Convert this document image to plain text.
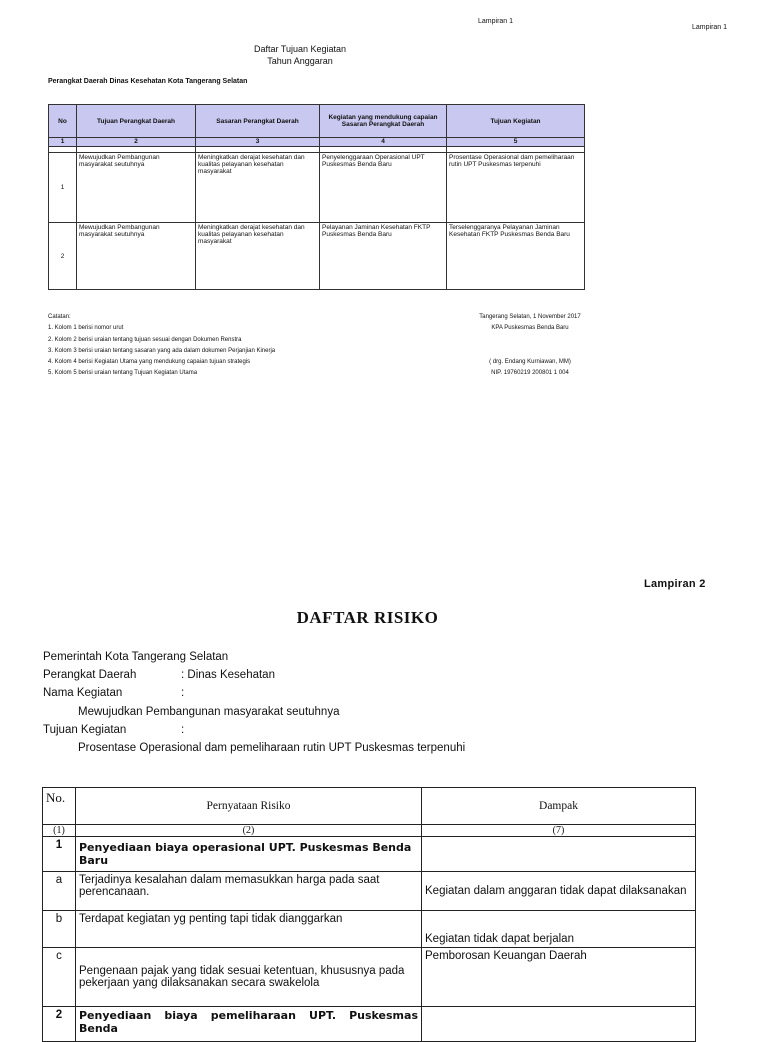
Lampiran 1
Lampiran 1
Daftar Tujuan Kegiatan
Tahun Anggaran
Perangkat Daerah Dinas Kesehatan Kota Tangerang Selatan
No	Tujuan Perangkat Daerah	Sasaran Perangkat Daerah	Kegiatan yang mendukung capaian Sasaran Perangkat Daerah	Tujuan Kegiatan
1	2	3	4	5

1	Mewujudkan Pembangunan masyarakat seutuhnya	Meningkatkan derajat kesehatan dan kualitas pelayanan kesehatan masyarakat	Penyelenggaraan Operasional UPT Puskesmas Benda Baru	Prosentase Operasional dam pemeliharaan rutin UPT Puskesmas terpenuhi
2	Mewujudkan Pembangunan masyarakat seutuhnya	Meningkatkan derajat kesehatan dan kualitas pelayanan kesehatan masyarakat	Pelayanan Jaminan Kesehatan FKTP Puskesmas Benda Baru	Terselenggaranya Pelayanan Jaminan Kesehatan FKTP Puskesmas Benda Baru
Catatan:
1. Kolom 1 berisi nomor urut
2. Kolom 2 berisi uraian tentang tujuan sesuai dengan Dokumen Renstra
3. Kolom 3 berisi uraian tentang sasaran yang ada dalam dokumen Perjanjian Kinerja
4. Kolom 4 berisi Kegiatan Utama yang mendukung capaian tujuan strategis
5. Kolom 5 berisi uraian tentang Tujuan Kegiatan Utama
Tangerang Selatan, 1 November 2017
KPA Puskesmas Benda Baru
( drg. Endang Kurniawan, MM)
NIP. 19760219 200801 1 004
Lampiran 2
DAFTAR RISIKO
Pemerintah Kota Tangerang Selatan
Perangkat Daerah	: Dinas Kesehatan
Nama Kegiatan	:
Mewujudkan Pembangunan masyarakat seutuhnya
Tujuan Kegiatan	:
Prosentase Operasional dam pemeliharaan rutin UPT Puskesmas terpenuhi
No.	Pernyataan Risiko	Dampak
(1)	(2)	(7)
1	Penyediaan biaya operasional UPT. Puskesmas Benda Baru	
a	Terjadinya kesalahan dalam memasukkan harga pada saat perencanaan.	Kegiatan dalam anggaran tidak dapat dilaksanakan
b	Terdapat kegiatan yg penting tapi tidak dianggarkan	Kegiatan tidak dapat berjalan
c	Pengenaan pajak yang tidak sesuai ketentuan, khususnya pada pekerjaan yang dilaksanakan secara swakelola	Pemborosan Keuangan Daerah
2	Penyediaan biaya pemeliharaan UPT. Puskesmas Benda	
